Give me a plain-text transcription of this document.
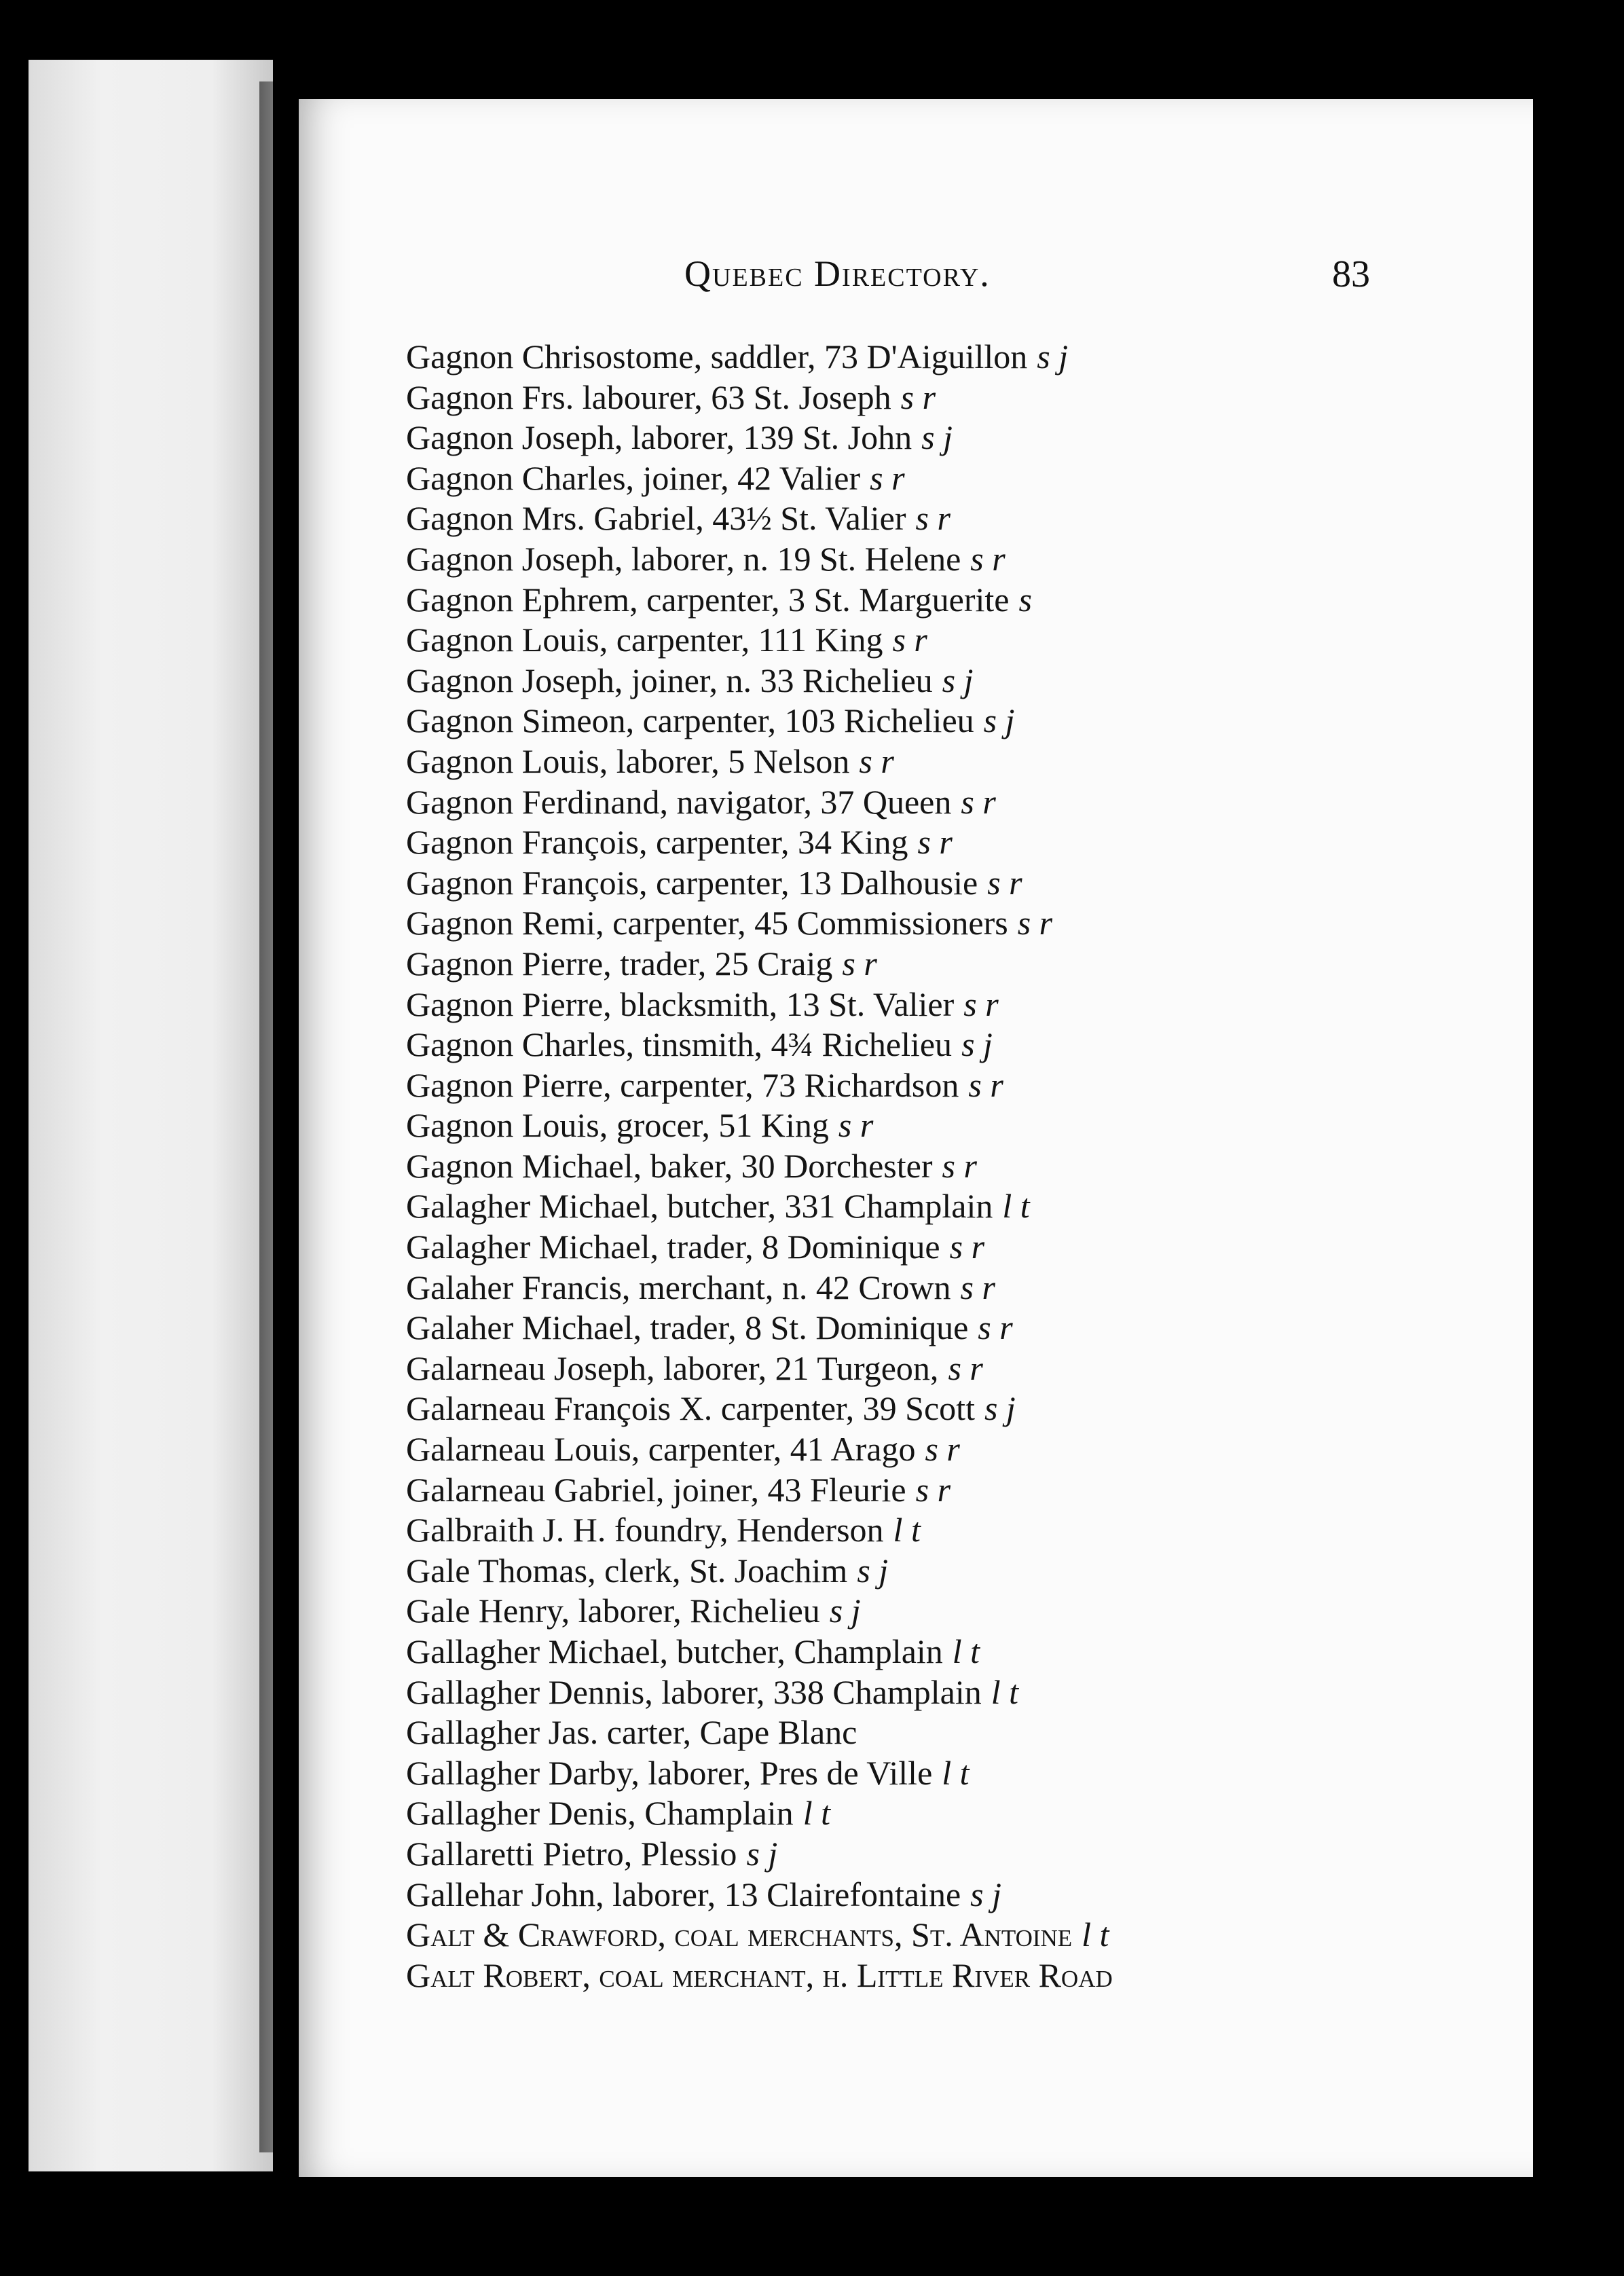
Quebec Directory.	83
Gagnon Chrisostome, saddler, 73 D'Aiguillon s j
Gagnon Frs. labourer, 63 St. Joseph s r
Gagnon Joseph, laborer, 139 St. John s j
Gagnon Charles, joiner, 42 Valier s r
Gagnon Mrs. Gabriel, 43½ St. Valier s r
Gagnon Joseph, laborer, n. 19 St. Helene s r
Gagnon Ephrem, carpenter, 3 St. Marguerite s
Gagnon Louis, carpenter, 111 King s r
Gagnon Joseph, joiner, n. 33 Richelieu s j
Gagnon Simeon, carpenter, 103 Richelieu s j
Gagnon Louis, laborer, 5 Nelson s r
Gagnon Ferdinand, navigator, 37 Queen s r
Gagnon François, carpenter, 34 King s r
Gagnon François, carpenter, 13 Dalhousie s r
Gagnon Remi, carpenter, 45 Commissioners s r
Gagnon Pierre, trader, 25 Craig s r
Gagnon Pierre, blacksmith, 13 St. Valier s r
Gagnon Charles, tinsmith, 4¾ Richelieu s j
Gagnon Pierre, carpenter, 73 Richardson s r
Gagnon Louis, grocer, 51 King s r
Gagnon Michael, baker, 30 Dorchester s r
Galagher Michael, butcher, 331 Champlain l t
Galagher Michael, trader, 8 Dominique s r
Galaher Francis, merchant, n. 42 Crown s r
Galaher Michael, trader, 8 St. Dominique s r
Galarneau Joseph, laborer, 21 Turgeon, s r
Galarneau François X. carpenter, 39 Scott s j
Galarneau Louis, carpenter, 41 Arago s r
Galarneau Gabriel, joiner, 43 Fleurie s r
Galbraith J. H. foundry, Henderson l t
Gale Thomas, clerk, St. Joachim s j
Gale Henry, laborer, Richelieu s j
Gallagher Michael, butcher, Champlain l t
Gallagher Dennis, laborer, 338 Champlain l t
Gallagher Jas. carter, Cape Blanc
Gallagher Darby, laborer, Pres de Ville l t
Gallagher Denis, Champlain l t
Gallaretti Pietro, Plessio s j
Gallehar John, laborer, 13 Clairefontaine s j
Galt & Crawford, coal merchants, St. Antoine l t
Galt Robert, coal merchant, h. Little River Road
